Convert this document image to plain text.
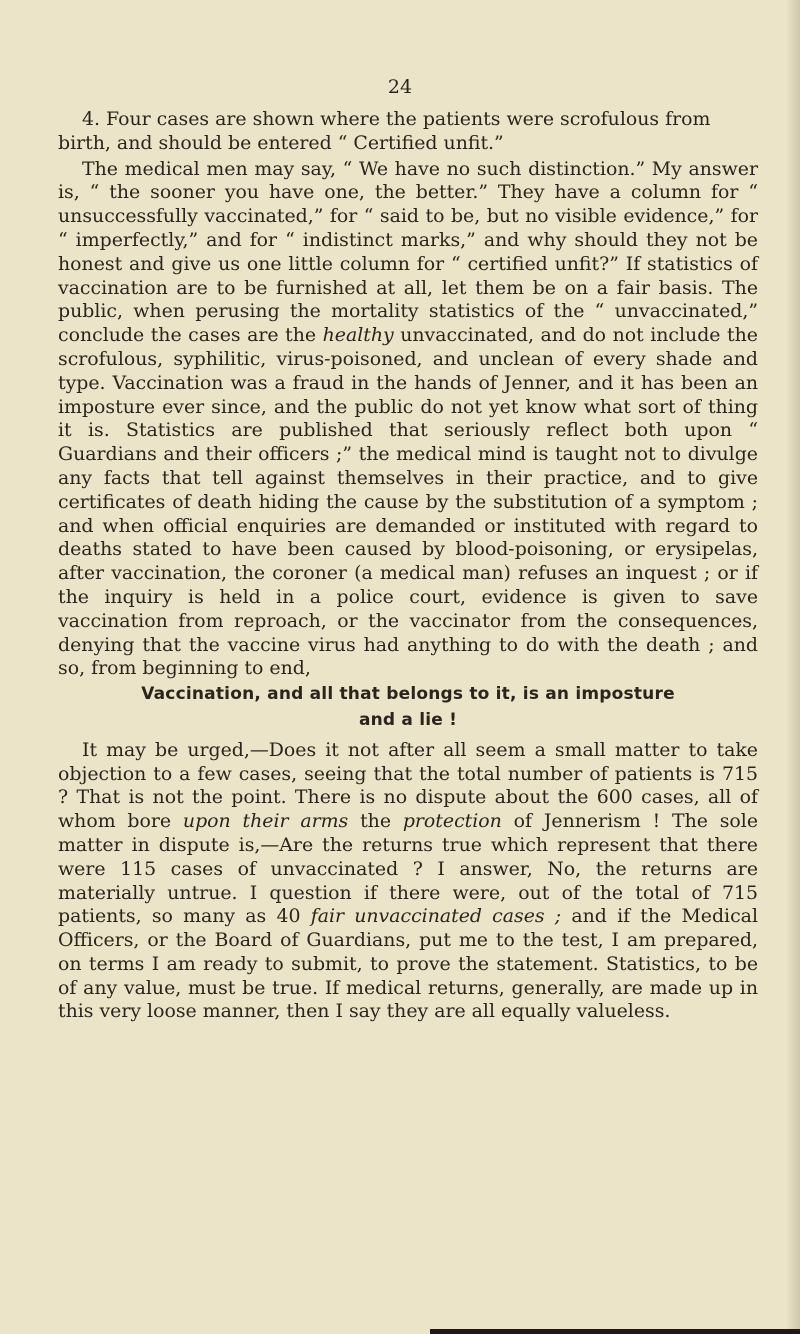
24

4. Four cases are shown where the patients were scrofulous from birth, and should be entered “ Certified unfit.”

The medical men may say, “ We have no such distinction.” My answer is, “ the sooner you have one, the better.” They have a column for “ unsuccessfully vaccinated,” for “ said to be, but no visible evidence,” for “ imperfectly,” and for “ indistinct marks,” and why should they not be honest and give us one little column for “ certified unfit?” If statistics of vaccination are to be furnished at all, let them be on a fair basis. The public, when perusing the mortality statistics of the “ unvaccinated,” conclude the cases are the healthy unvaccinated, and do not include the scrofulous, syphilitic, virus-poisoned, and unclean of every shade and type. Vaccination was a fraud in the hands of Jenner, and it has been an imposture ever since, and the public do not yet know what sort of thing it is. Statistics are published that seriously reflect both upon “ Guardians and their officers ;” the medical mind is taught not to divulge any facts that tell against themselves in their practice, and to give certificates of death hiding the cause by the substitution of a symptom ; and when official enquiries are demanded or instituted with regard to deaths stated to have been caused by blood-poisoning, or erysipelas, after vaccination, the coroner (a medical man) refuses an inquest ; or if the inquiry is held in a police court, evidence is given to save vaccination from reproach, or the vaccinator from the consequences, denying that the vaccine virus had anything to do with the death ; and so, from beginning to end,

Vaccination, and all that belongs to it, is an imposture
and a lie !

It may be urged,—Does it not after all seem a small matter to take objection to a few cases, seeing that the total number of patients is 715 ? That is not the point. There is no dispute about the 600 cases, all of whom bore upon their arms the protection of Jennerism ! The sole matter in dispute is,—Are the returns true which represent that there were 115 cases of unvaccinated ? I answer, No, the returns are materially untrue. I question if there were, out of the total of 715 patients, so many as 40 fair unvaccinated cases ; and if the Medical Officers, or the Board of Guardians, put me to the test, I am prepared, on terms I am ready to submit, to prove the statement. Statistics, to be of any value, must be true. If medical returns, generally, are made up in this very loose manner, then I say they are all equally valueless.
